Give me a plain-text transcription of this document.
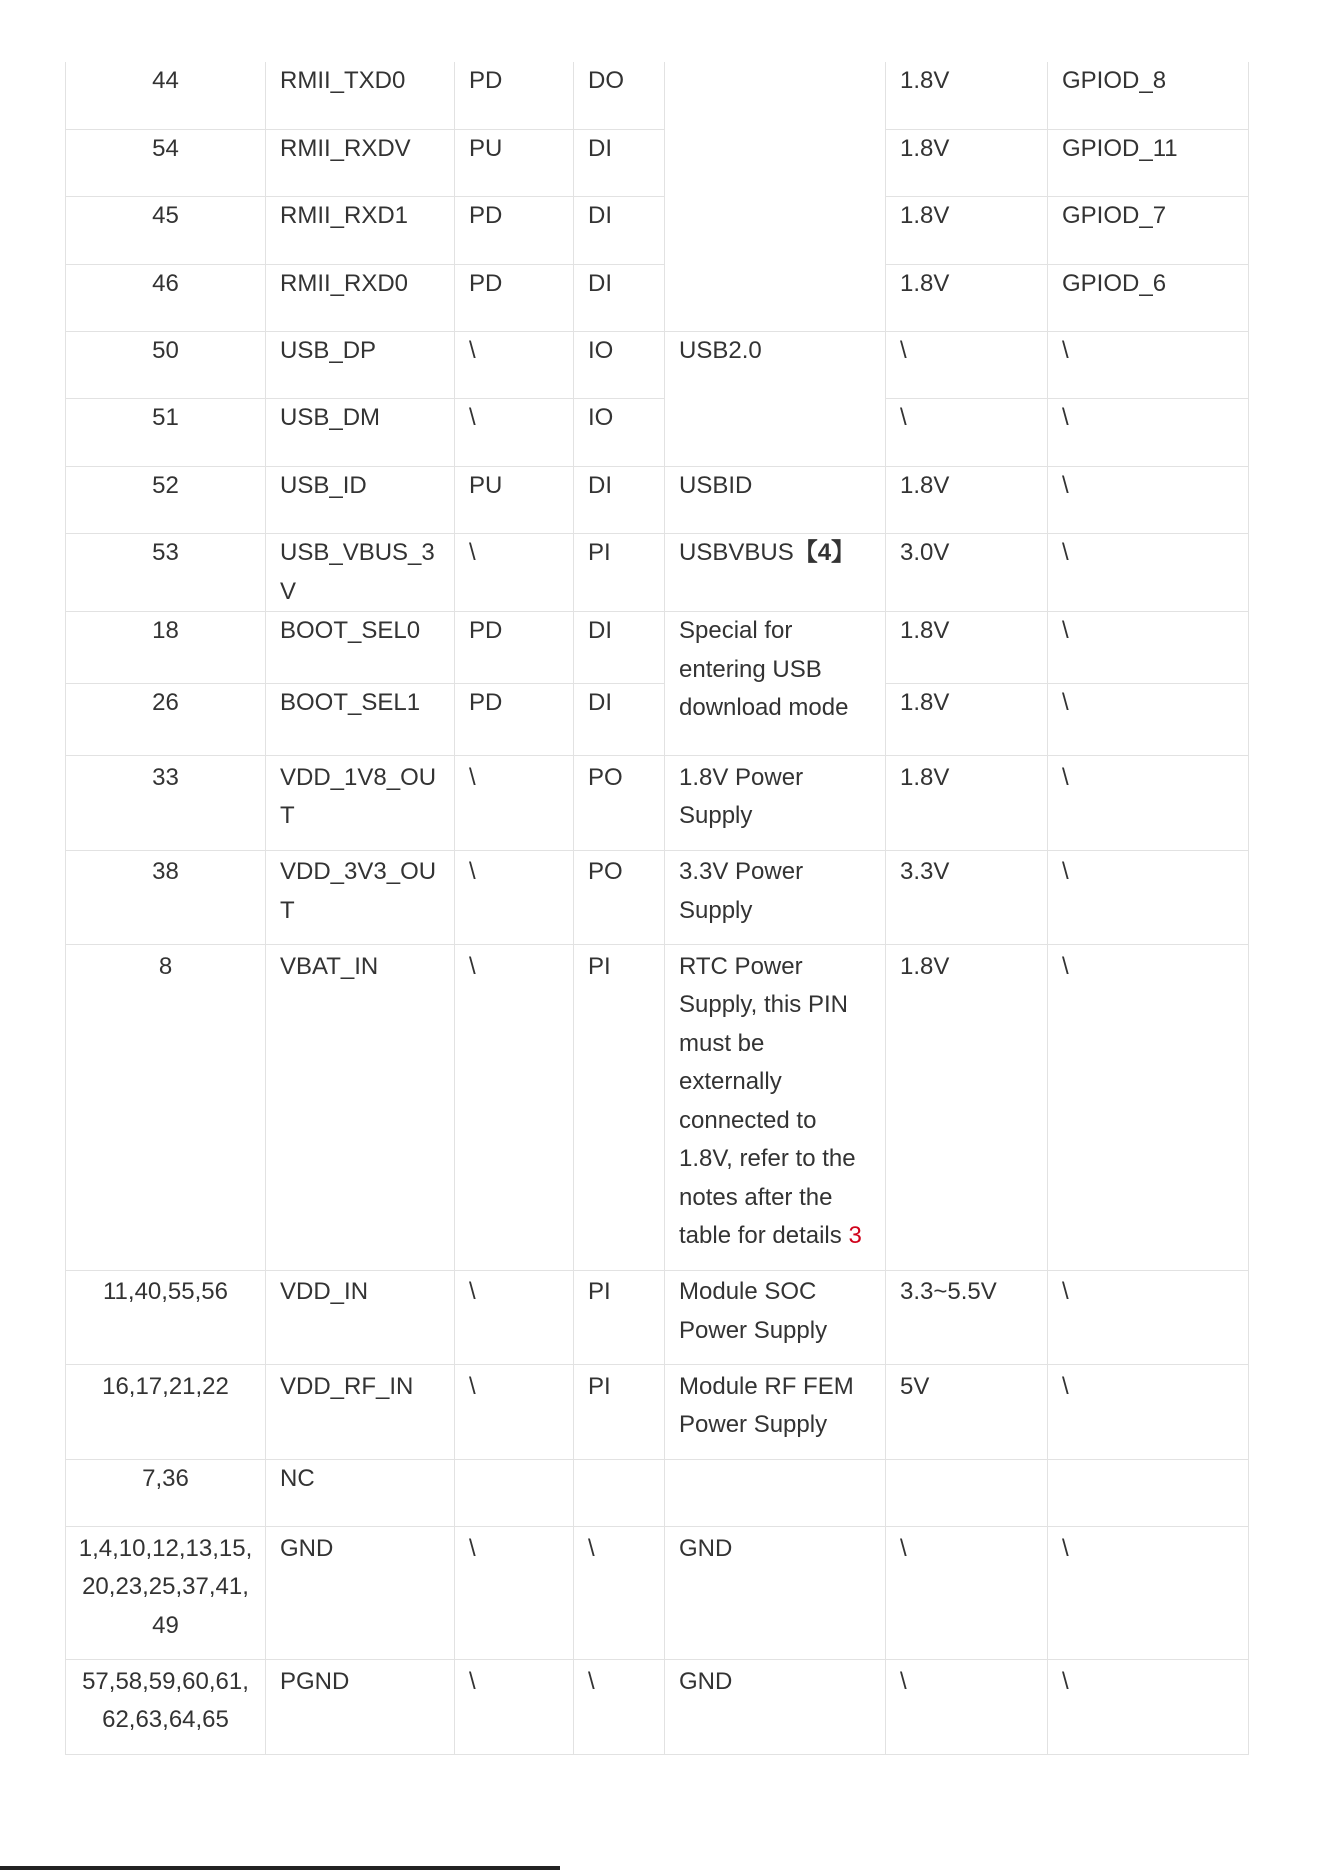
44	RMII_TXD0	PD	DO		1.8V	GPIOD_8
54	RMII_RXDV	PU	DI		1.8V	GPIOD_11
45	RMII_RXD1	PD	DI		1.8V	GPIOD_7
46	RMII_RXD0	PD	DI		1.8V	GPIOD_6
50	USB_DP	\	IO	USB2.0	\	\
51	USB_DM	\	IO		\	\
52	USB_ID	PU	DI	USBID	1.8V	\
53	USB_VBUS_3V	\	PI	USBVBUS【4】	3.0V	\
18	BOOT_SEL0	PD	DI	Special for entering USB download mode	1.8V	\
26	BOOT_SEL1	PD	DI		1.8V	\
33	VDD_1V8_OUT	\	PO	1.8V Power Supply	1.8V	\
38	VDD_3V3_OUT	\	PO	3.3V Power Supply	3.3V	\
8	VBAT_IN	\	PI	RTC Power Supply, this PIN must be externally connected to 1.8V, refer to the notes after the table for details 3	1.8V	\
11,40,55,56	VDD_IN	\	PI	Module SOC Power Supply	3.3~5.5V	\
16,17,21,22	VDD_RF_IN	\	PI	Module RF FEM Power Supply	5V	\
7,36	NC					
1,4,10,12,13,15, 20,23,25,37,41, 49	GND	\	\	GND	\	\
57,58,59,60,61, 62,63,64,65	PGND	\	\	GND	\	\
